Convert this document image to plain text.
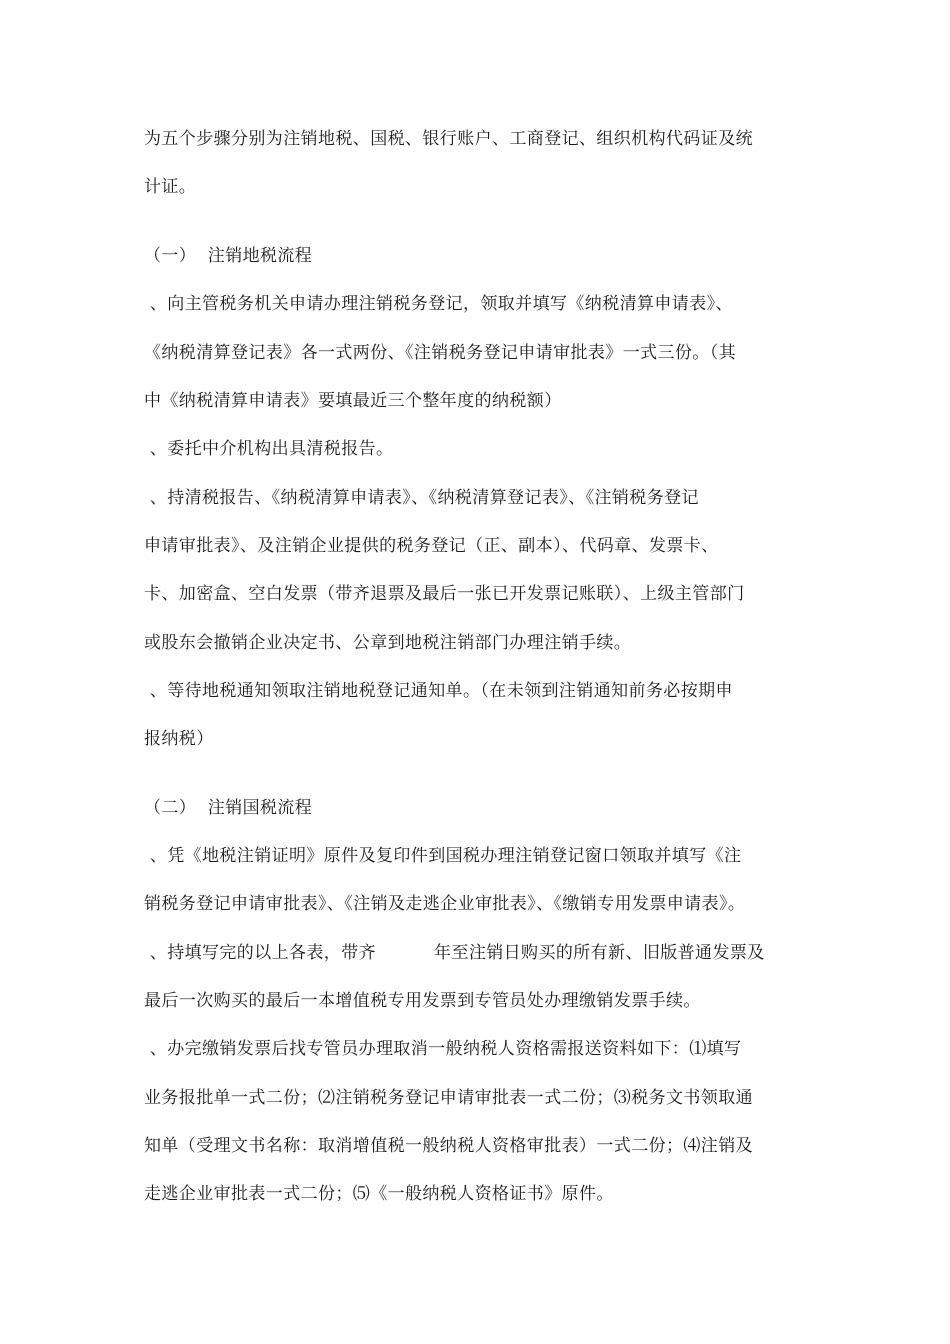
为五个步骤分别为注销地税、国税、银行账户、工商登记、组织机构代码证及统
计证。
（一）  注销地税流程
、向主管税务机关申请办理注销税务登记，领取并填写《纳税清算申请表》、
《纳税清算登记表》各一式两份、《注销税务登记申请审批表》一式三份。（其
中《纳税清算申请表》要填最近三个整年度的纳税额）
、委托中介机构出具清税报告。
、持清税报告、《纳税清算申请表》、《纳税清算登记表》、《注销税务登记
申请审批表》、及注销企业提供的税务登记（正、副本）、代码章、发票卡、
卡、加密盒、空白发票（带齐退票及最后一张已开发票记账联）、上级主管部门
或股东会撤销企业决定书、公章到地税注销部门办理注销手续。
、等待地税通知领取注销地税登记通知单。（在未领到注销通知前务必按期申
报纳税）
（二）  注销国税流程
、凭《地税注销证明》原件及复印件到国税办理注销登记窗口领取并填写《注
销税务登记申请审批表》、《注销及走逃企业审批表》、《缴销专用发票申请表》。
、持填写完的以上各表，带齐          年至注销日购买的所有新、旧版普通发票及
最后一次购买的最后一本增值税专用发票到专管员处办理缴销发票手续。
、办完缴销发票后找专管员办理取消一般纳税人资格需报送资料如下：⑴填写
业务报批单一式二份；⑵注销税务登记申请审批表一式二份；⑶税务文书领取通
知单（受理文书名称：取消增值税一般纳税人资格审批表）一式二份；⑷注销及
走逃企业审批表一式二份；⑸《一般纳税人资格证书》原件。
